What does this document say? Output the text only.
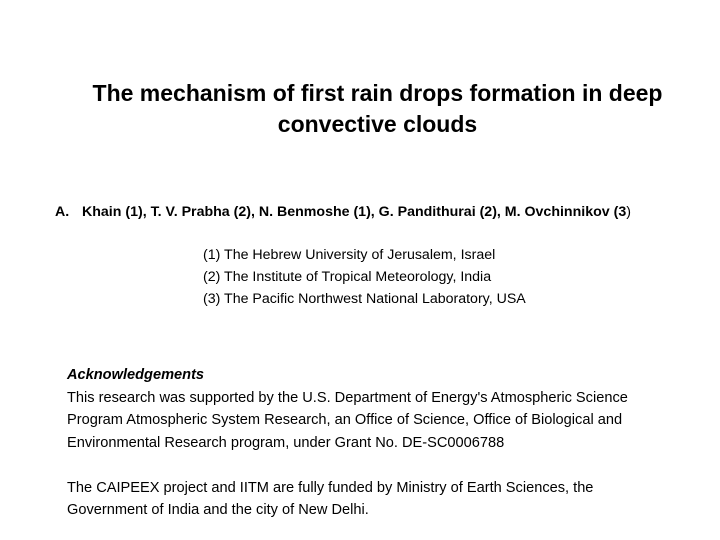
The mechanism of first rain drops formation in deep convective clouds
A. Khain (1), T. V. Prabha (2), N. Benmoshe (1), G. Pandithurai (2), M. Ovchinnikov (3)
(1) The Hebrew University of Jerusalem, Israel
(2) The Institute of Tropical Meteorology, India
(3) The Pacific Northwest National Laboratory, USA
Acknowledgements
This research was supported by the U.S. Department of Energy's Atmospheric Science
Program Atmospheric System Research, an Office of Science, Office of Biological and
Environmental Research program, under Grant No. DE-SC0006788
The CAIPEEX project and IITM are fully funded by Ministry of Earth Sciences, the
Government of India and the city of New Delhi.
